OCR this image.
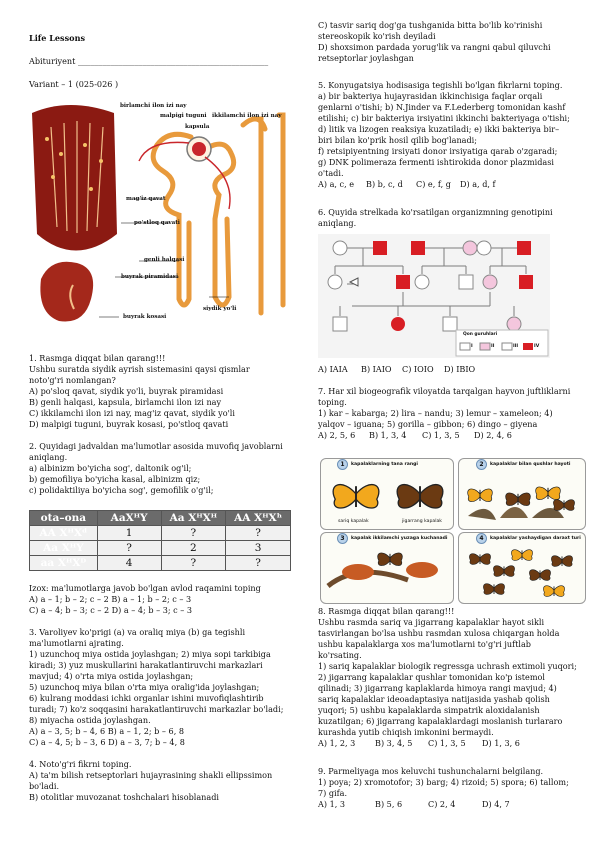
Life Lessons
Abituriyent _______________________________________________
Variant – 1 (025-026 )
birlamchi ilon izi nay
malpigi tuguni ikkilamchi ilon izi nay
kapsula
mag'iz qavat
po'stloq qavati
genli halqasi
buyrak piramidasi
siydik yo'li
buyrak kosasi
1. Rasmga diqqat bilan qarang!!!
Ushbu suratda siydik ayrish sistemasini qaysi qismlar
noto'g'ri nomlangan?
A) po'sloq qavat, siydik yo'li, buyrak piramidasi
B) genli halqasi, kapsula, birlamchi ilon izi nay
C) ikkilamchi ilon izi nay, mag'iz qavat, siydik yo'li
D) malpigi tuguni, buyrak kosasi, po'stloq qavati
2. Quyidagi jadvaldan ma'lumotlar asosida muvofiq javoblarni
aniqlang.
a) albinizm bo'yicha sog', daltonik og'il;
b) gemofiliya bo'yicha kasal, albinizm qiz;
c) polidaktiliya bo'yicha sog', gemofilik o'g'il;
ota–ona	AaXᴴY	Aa XᴴXᴴ	AA XᴴXʰ
AA XᴴXᵈ	1	?	?
Aa XᴴY	?	2	3
aa XᴴXᴰ	4	?	?
Izox: ma'lumotlarga javob bo'lgan avlod raqamini toping
A) a – 1; b – 2; c – 2 B) a – 1; b – 2; c – 3
C) a – 4; b – 3; c – 2 D) a – 4; b – 3; c – 3
3. Varoliyev ko'prigi (a) va oraliq miya (b) ga tegishli
ma'lumotlarni ajrating.
1) uzunchoq miya ostida joylashgan; 2) miya sopi tarkibiga
kiradi; 3) yuz muskullarini harakatlantiruvchi markazlari
mavjud; 4) o'rta miya ostida joylashgan;
5) uzunchoq miya bilan o'rta miya oralig'ida joylashgan;
6) kulrang moddasi ichki organlar ishini muvofiqlashtirib
turadi; 7) ko'z soqqasini harakatlantiruvchi markazlar bo'ladi;
8) miyacha ostida joylashgan.
A) a – 3, 5; b – 4, 6 B) a – 1, 2; b – 6, 8
C) a – 4, 5; b – 3, 6 D) a – 3, 7; b – 4, 8
4. Noto'g'ri fikrni toping.
A) ta'm bilish retseptorlari hujayrasining shakli ellipssimon
bo'ladi.
B) otolitlar muvozanat toshchalari hisoblanadi
C) tasvir sariq dog'ga tushganida bitta bo'lib ko'rinishi
stereoskopik ko'rish deyiladi
D) shoxsimon pardada yorug'lik va rangni qabul qiluvchi
retseptorlar joylashgan
5. Konyugatsiya hodisasiga tegishli bo'lgan fikrlarni toping.
a) bir bakteriya hujayrasidan ikkinchisiga faqlar orqali
genlarni o'tishi; b) N.Jinder va F.Lederberg tomonidan kashf
etilishi; c) bir bakteriya irsiyatini ikkinchi bakteriyaga o'tishi;
d) litik va lizogen reaksiya kuzatiladi; e) ikki bakteriya bir–
biri bilan ko'prik hosil qilib bog'lanadi;
f) retsipiyentning irsiyati donor irsiyatiga qarab o'zgaradi;
g) DNK polimeraza fermenti ishtirokida donor plazmidasi
o'tadi.
A) a, c, e B) b, c, d C) e, f, g D) a, d, f
6. Quyida strelkada ko'rsatilgan organizmning genotipini
aniqlang.
Qon guruhlari
I	II	III	IV
A) IAIA B) IAIO C) IOIO D) IBIO
7. Har xil biogeografik viloyatda tarqalgan hayvon juftliklarni
toping.
1) kar – kabarga; 2) lira – nandu; 3) lemur – xameleon; 4)
yalqov – iguana; 5) gorilla – gibbon; 6) dingo – giyena
A) 2, 5, 6 B) 1, 3, 4 C) 1, 3, 5 D) 2, 4, 6
1	2
3	4
kapalaklarning tana rangi	kapalaklar bilan qushlar hayoti
kapalak ikkilamchi yuzaga kuchanadi	kapalaklar yashaydigan daraxt turi
sariq kapalak	jigarrang kapalak
8. Rasmga diqqat bilan qarang!!!
Ushbu rasmda sariq va jigarrang kapalaklar hayot sikli
tasvirlangan bo'lsa ushbu rasmdan xulosa chiqargan holda
ushbu kapalaklarga xos ma'lumotlarni to'g'ri juftlab
ko'rsating.
1) sariq kapalaklar biologik regressga uchrash extimoli yuqori;
2) jigarrang kapalaklar qushlar tomonidan ko'p istemol
qilinadi; 3) jigarrang kaplaklarda himoya rangi mavjud; 4)
sariq kapalaklar ideoadaptasiya natijasida yashab qolish
yuqori; 5) ushbu kapalaklarda simpatrik aloxidalanish
kuzatilgan; 6) jigarrang kapalaklardagi moslanish turlararo
kurashda yutib chiqish imkonini bermaydi.
A) 1, 2, 3 B) 3, 4, 5 C) 1, 3, 5 D) 1, 3, 6
9. Parmeliyaga mos keluvchi tushunchalarni belgilang.
1) poya; 2) xromotofor; 3) barg; 4) rizoid; 5) spora; 6) tallom;
7) gifa.
A) 1, 3	B) 5, 6	C) 2, 4	D) 4, 7
